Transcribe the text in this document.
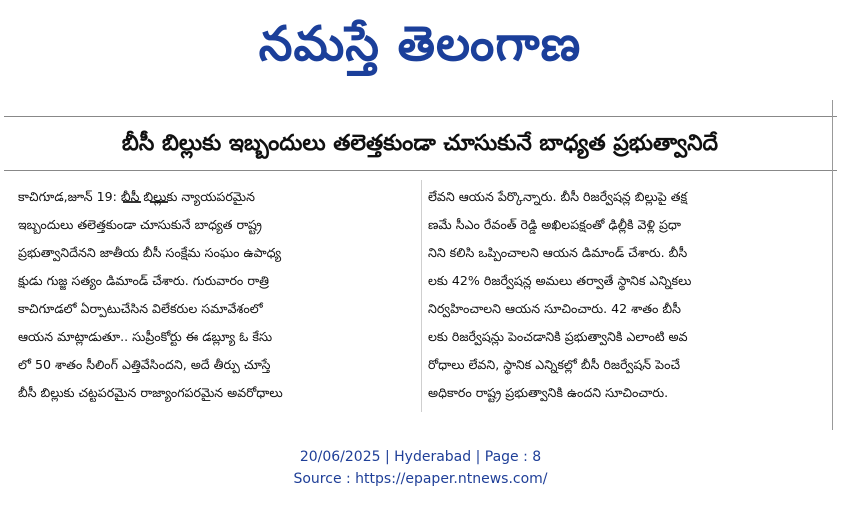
నమస్తే తెలంగాణ
బీసీ బిల్లుకు ఇబ్బందులు తలెత్తకుండా చూసుకునే బాధ్యత ప్రభుత్వానిదే
కాచిగూడ,జూన్ 19: బీసీ బిల్లుకు న్యాయపరమైన
ఇబ్బందులు తలెత్తకుండా చూసుకునే బాధ్యత రాష్ట్ర
ప్రభుత్వానిదేనని జాతీయ బీసీ సంక్షేమ సంఘం ఉపాధ్య
క్షుడు గుజ్జ సత్యం డిమాండ్ చేశారు. గురువారం రాత్రి
కాచిగూడలో ఏర్పాటుచేసిన విలేకరుల సమావేశంలో
ఆయన మాట్లాడుతూ.. సుప్రీంకోర్టు ఈ డబ్ల్యూ ఓ కేసు
లో 50 శాతం సీలింగ్ ఎత్తివేసిందని, అదే తీర్పు చూస్తే
బీసీ బిల్లుకు చట్టపరమైన రాజ్యాంగపరమైన అవరోధాలు
లేవని ఆయన పేర్కొన్నారు. బీసీ రిజర్వేషన్ల బిల్లుపై తక్ష
ణమే సీఎం రేవంత్ రెడ్డి అఖిలపక్షంతో ఢిల్లీకి వెళ్లి ప్రధా
నిని కలిసి ఒప్పించాలని ఆయన డిమాండ్ చేశారు. బీసీ
లకు 42% రిజర్వేషన్ల అమలు తర్వాతే స్థానిక ఎన్నికలు
నిర్వహించాలని ఆయన సూచించారు. 42 శాతం బీసీ
లకు రిజర్వేషన్లు పెంచడానికి ప్రభుత్వానికి ఎలాంటి అవ
రోధాలు లేవని, స్థానిక ఎన్నికల్లో బీసీ రిజర్వేషన్ పెంచే
అధికారం రాష్ట్ర ప్రభుత్వానికి ఉందని సూచించారు.
20/06/2025 | Hyderabad | Page : 8
Source : https://epaper.ntnews.com/
